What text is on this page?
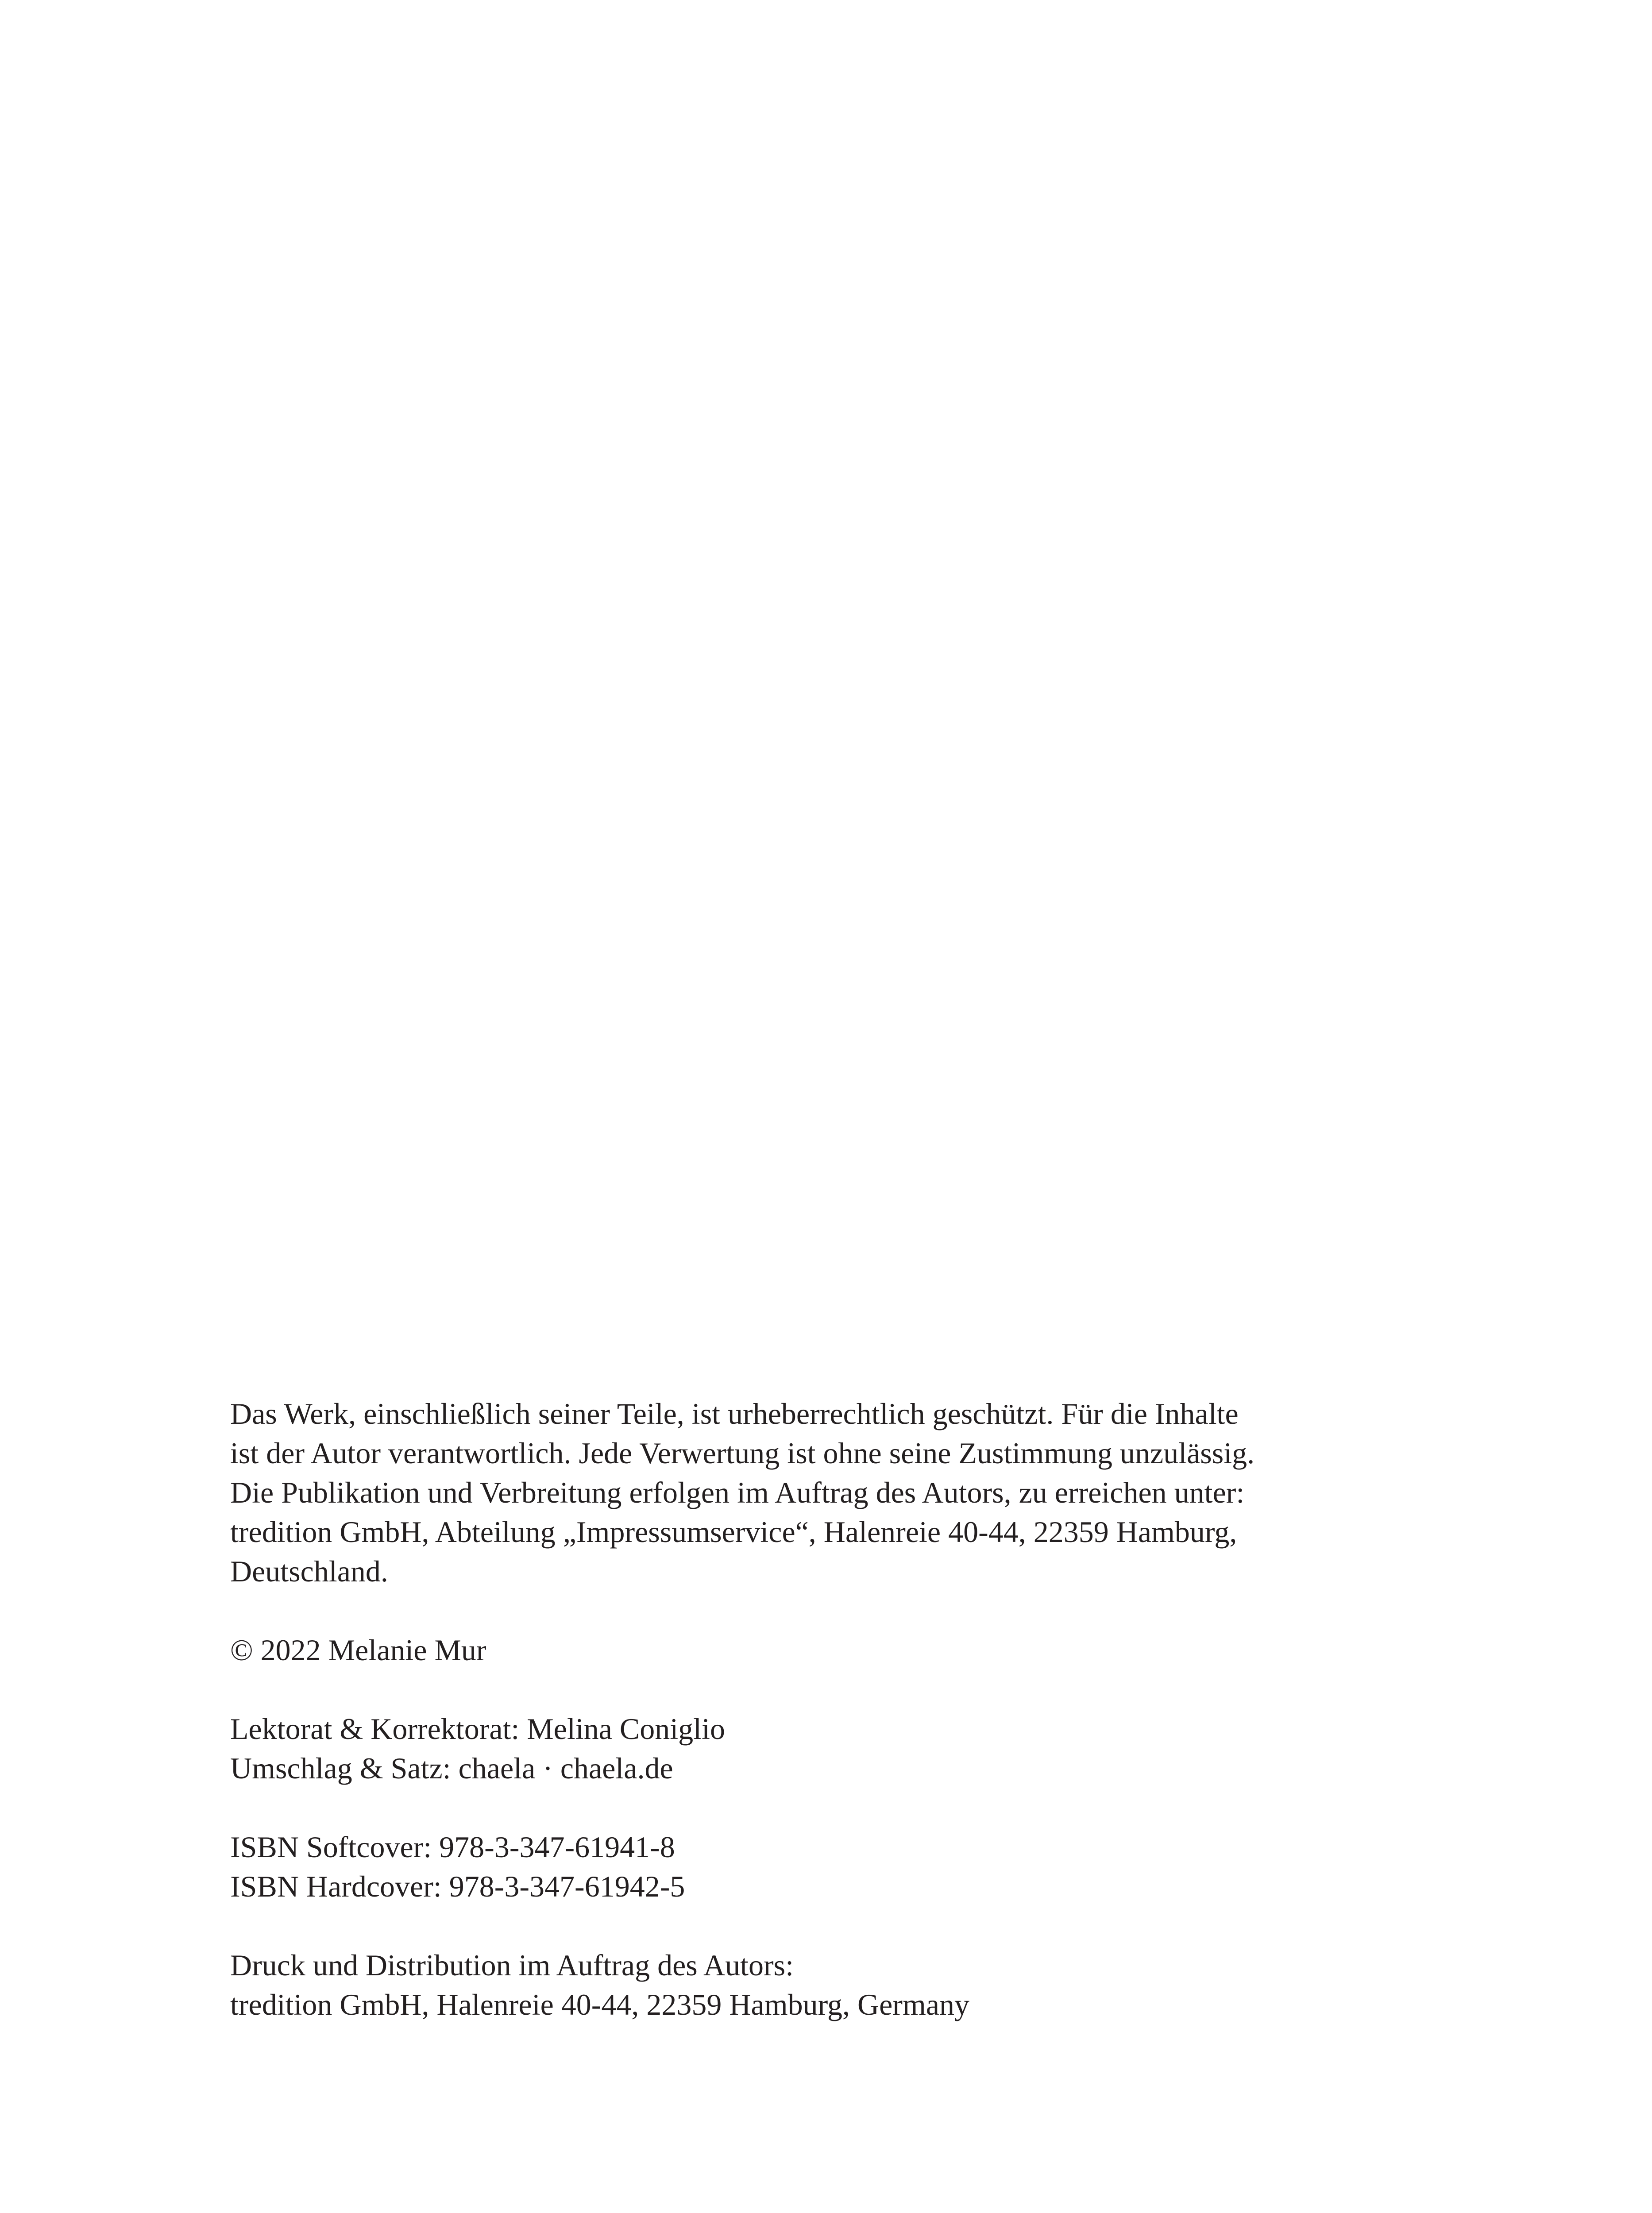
Das Werk, einschließlich seiner Teile, ist urheberrechtlich geschützt. Für die Inhalte
ist der Autor verantwortlich. Jede Verwertung ist ohne seine Zustimmung unzulässig.
Die Publikation und Verbreitung erfolgen im Auftrag des Autors, zu erreichen unter:
tredition GmbH, Abteilung „Impressumservice“, Halenreie 40-44, 22359 Hamburg,
Deutschland.

© 2022 Melanie Mur

Lektorat & Korrektorat: Melina Coniglio
Umschlag & Satz: chaela · chaela.de

ISBN Softcover: 978-3-347-61941-8
ISBN Hardcover: 978-3-347-61942-5

Druck und Distribution im Auftrag des Autors:
tredition GmbH, Halenreie 40-44, 22359 Hamburg, Germany
